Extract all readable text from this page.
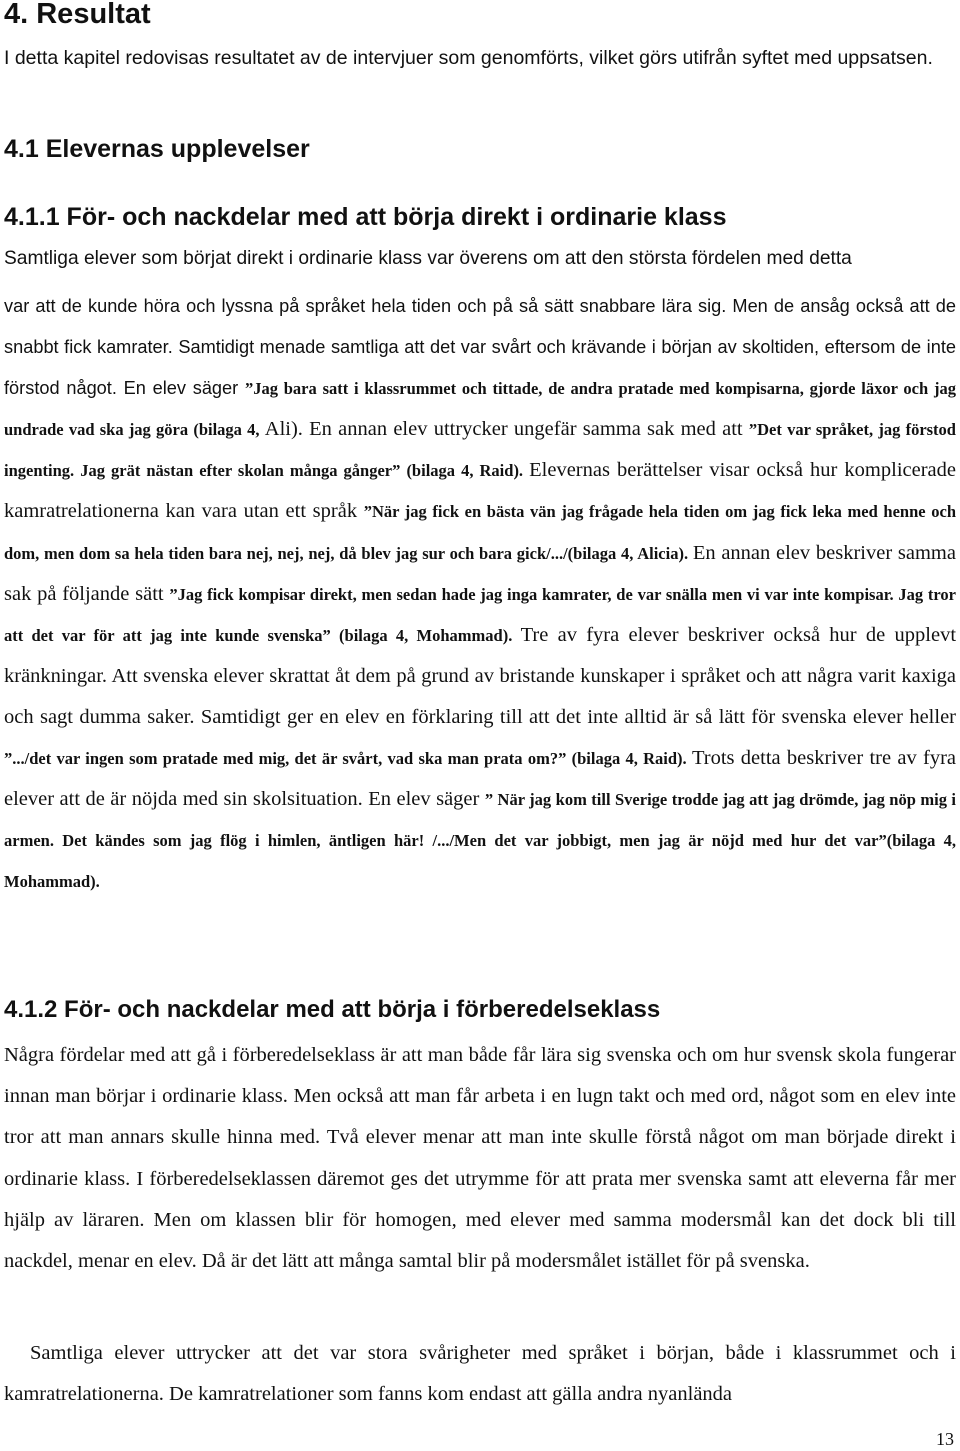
4. Resultat

I detta kapitel redovisas resultatet av de intervjuer som genomförts, vilket görs utifrån syftet med uppsatsen.

4.1 Elevernas upplevelser
4.1.1 För- och nackdelar med att börja direkt i ordinarie klass

Samtliga elever som börjat direkt i ordinarie klass var överens om att den största fördelen med detta

var att de kunde höra och lyssna på språket hela tiden och på så sätt snabbare lära sig. Men de ansåg också att de snabbt fick kamrater. Samtidigt menade samtliga att det var svårt och krävande i början av skoltiden, eftersom de inte förstod något. En elev säger ”Jag bara satt i klassrummet och tittade, de andra pratade med kompisarna, gjorde läxor och jag undrade vad ska jag göra (bilaga 4, Ali). En annan elev uttrycker ungefär samma sak med att ”Det var språket, jag förstod ingenting. Jag grät nästan efter skolan många gånger” (bilaga 4, Raid). Elevernas berättelser visar också hur komplicerade kamratrelationerna kan vara utan ett språk ”När jag fick en bästa vän jag frågade hela tiden om jag fick leka med henne och dom, men dom sa hela tiden bara nej, nej, nej, då blev jag sur och bara gick/.../(bilaga 4, Alicia). En annan elev beskriver samma sak på följande sätt ”Jag fick kompisar direkt, men sedan hade jag inga kamrater, de var snälla men vi var inte kompisar. Jag tror att det var för att jag inte kunde svenska” (bilaga 4, Mohammad). Tre av fyra elever beskriver också hur de upplevt kränkningar. Att svenska elever skrattat åt dem på grund av bristande kunskaper i språket och att några varit kaxiga och sagt dumma saker. Samtidigt ger en elev en förklaring till att det inte alltid är så lätt för svenska elever heller ”.../det var ingen som pratade med mig, det är svårt, vad ska man prata om?” (bilaga 4, Raid). Trots detta beskriver tre av fyra elever att de är nöjda med sin skolsituation. En elev säger ” När jag kom till Sverige trodde jag att jag drömde, jag nöp mig i armen. Det kändes som jag flög i himlen, äntligen här! /.../Men det var jobbigt, men jag är nöjd med hur det var”(bilaga 4, Mohammad).

4.1.2 För- och nackdelar med att börja i förberedelseklass

Några fördelar med att gå i förberedelseklass är att man både får lära sig svenska och om hur svensk skola fungerar innan man börjar i ordinarie klass. Men också att man får arbeta i en lugn takt och med ord, något som en elev inte tror att man annars skulle hinna med. Två elever menar att man inte skulle förstå något om man började direkt i ordinarie klass. I förberedelseklassen däremot ges det utrymme för att prata mer svenska samt att eleverna får mer hjälp av läraren. Men om klassen blir för homogen, med elever med samma modersmål kan det dock bli till nackdel, menar en elev. Då är det lätt att många samtal blir på modersmålet istället för på svenska.

Samtliga elever uttrycker att det var stora svårigheter med språket i början, både i klassrummet och i kamratrelationerna. De kamratrelationer som fanns kom endast att gälla andra nyanlända

13
